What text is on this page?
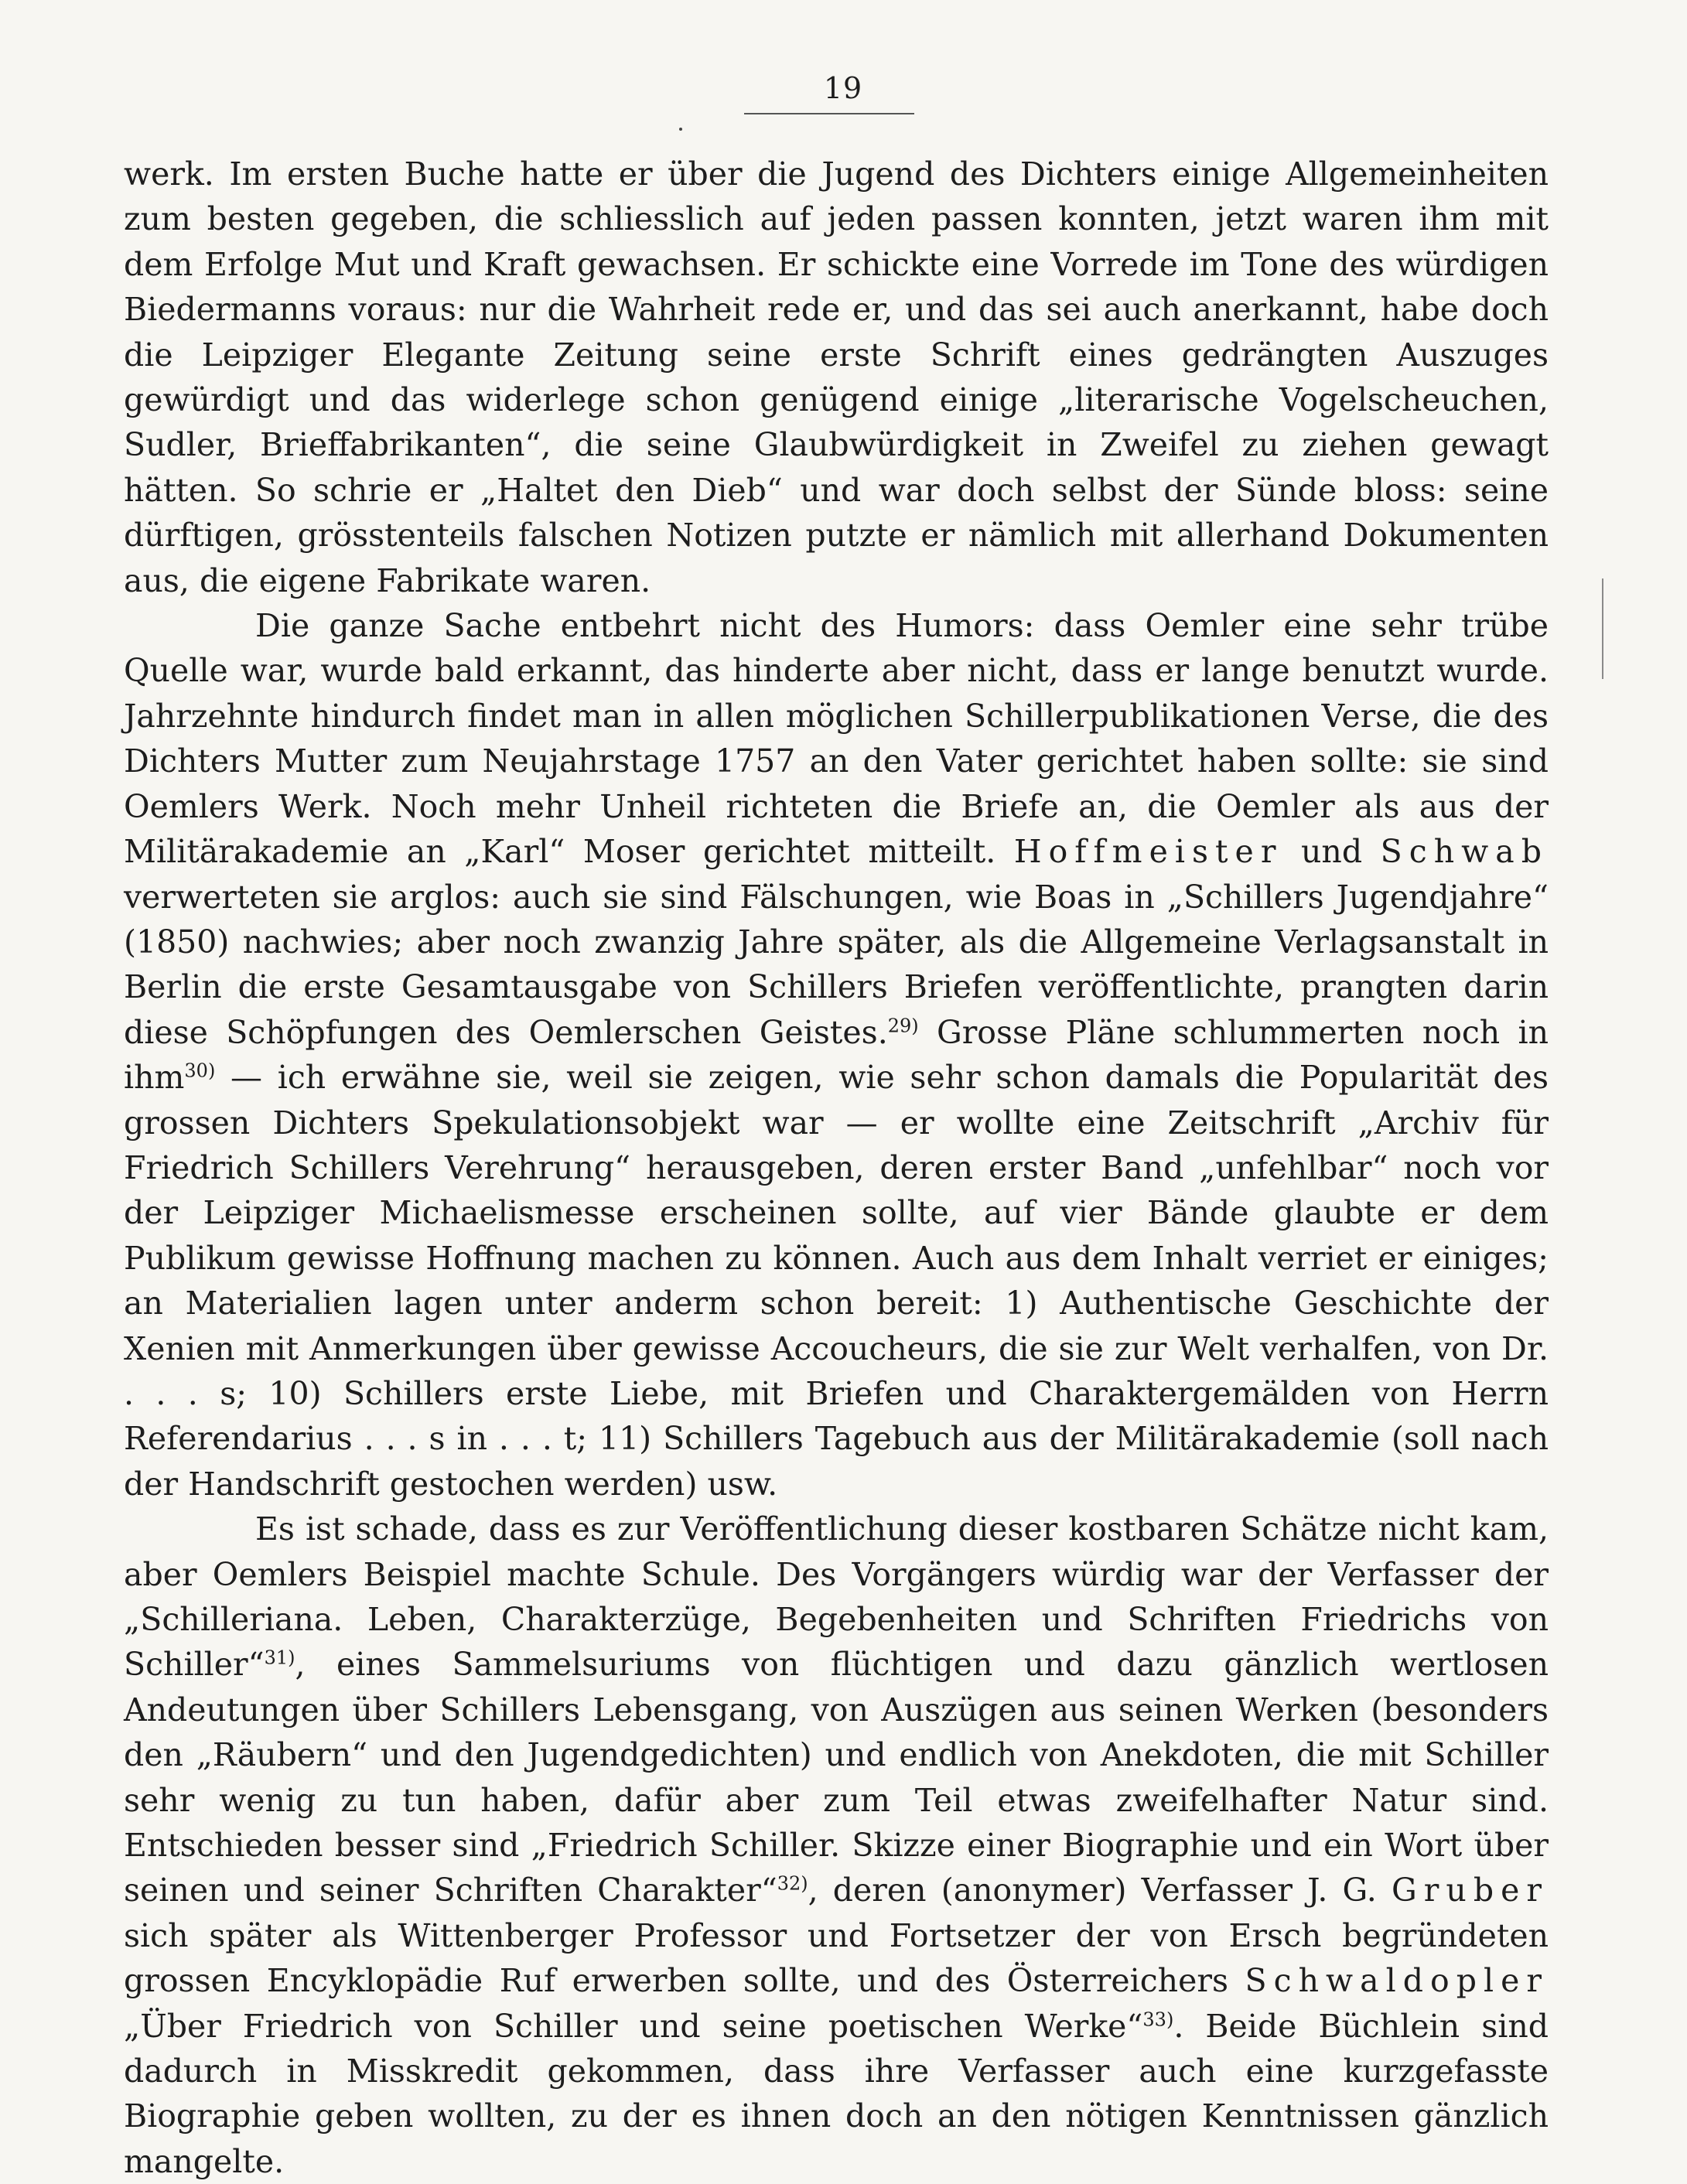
19

werk. Im ersten Buche hatte er über die Jugend des Dichters einige Allgemeinheiten zum besten gegeben, die schliesslich auf jeden passen konnten, jetzt waren ihm mit dem Erfolge Mut und Kraft gewachsen. Er schickte eine Vorrede im Tone des würdigen Biedermanns voraus: nur die Wahrheit rede er, und das sei auch anerkannt, habe doch die Leipziger Elegante Zeitung seine erste Schrift eines gedrängten Auszuges gewürdigt und das widerlege schon genügend einige „literarische Vogelscheuchen, Sudler, Brieffabrikanten“, die seine Glaubwürdigkeit in Zweifel zu ziehen gewagt hätten. So schrie er „Haltet den Dieb“ und war doch selbst der Sünde bloss: seine dürftigen, grösstenteils falschen Notizen putzte er nämlich mit allerhand Dokumenten aus, die eigene Fabrikate waren.

Die ganze Sache entbehrt nicht des Humors: dass Oemler eine sehr trübe Quelle war, wurde bald erkannt, das hinderte aber nicht, dass er lange benutzt wurde. Jahrzehnte hindurch findet man in allen möglichen Schillerpublikationen Verse, die des Dichters Mutter zum Neujahrstage 1757 an den Vater gerichtet haben sollte: sie sind Oemlers Werk. Noch mehr Unheil richteten die Briefe an, die Oemler als aus der Militärakademie an „Karl“ Moser gerichtet mitteilt. Hoffmeister und Schwab verwerteten sie arglos: auch sie sind Fälschungen, wie Boas in „Schillers Jugendjahre“ (1850) nachwies; aber noch zwanzig Jahre später, als die Allgemeine Verlagsanstalt in Berlin die erste Gesamtausgabe von Schillers Briefen veröffentlichte, prangten darin diese Schöpfungen des Oemlerschen Geistes.$^{29)}$ Grosse Pläne schlummerten noch in ihm$^{30)}$ — ich erwähne sie, weil sie zeigen, wie sehr schon damals die Popularität des grossen Dichters Spekulationsobjekt war — er wollte eine Zeitschrift „Archiv für Friedrich Schillers Verehrung“ herausgeben, deren erster Band „unfehlbar“ noch vor der Leipziger Michaelismesse erscheinen sollte, auf vier Bände glaubte er dem Publikum gewisse Hoffnung machen zu können. Auch aus dem Inhalt verriet er einiges; an Materialien lagen unter anderm schon bereit: 1) Authentische Geschichte der Xenien mit Anmerkungen über gewisse Accoucheurs, die sie zur Welt verhalfen, von Dr. . . . s; 10) Schillers erste Liebe, mit Briefen und Charaktergemälden von Herrn Referendarius . . . s in . . . t; 11) Schillers Tagebuch aus der Militärakademie (soll nach der Handschrift gestochen werden) usw.

Es ist schade, dass es zur Veröffentlichung dieser kostbaren Schätze nicht kam, aber Oemlers Beispiel machte Schule. Des Vorgängers würdig war der Verfasser der „Schilleriana. Leben, Charakterzüge, Begebenheiten und Schriften Friedrichs von Schiller“$^{31)}$, eines Sammelsuriums von flüchtigen und dazu gänzlich wertlosen Andeutungen über Schillers Lebensgang, von Auszügen aus seinen Werken (besonders den „Räubern“ und den Jugendgedichten) und endlich von Anekdoten, die mit Schiller sehr wenig zu tun haben, dafür aber zum Teil etwas zweifelhafter Natur sind. Entschieden besser sind „Friedrich Schiller. Skizze einer Biographie und ein Wort über seinen und seiner Schriften Charakter“$^{32)}$, deren (anonymer) Verfasser J. G. Gruber sich später als Wittenberger Professor und Fortsetzer der von Ersch begründeten grossen Encyklopädie Ruf erwerben sollte, und des Österreichers Schwaldopler „Über Friedrich von Schiller und seine poetischen Werke“$^{33)}$. Beide Büchlein sind dadurch in Misskredit gekommen, dass ihre Verfasser auch eine kurzgefasste Biographie geben wollten, zu der es ihnen doch an den nötigen Kenntnissen gänzlich mangelte.
